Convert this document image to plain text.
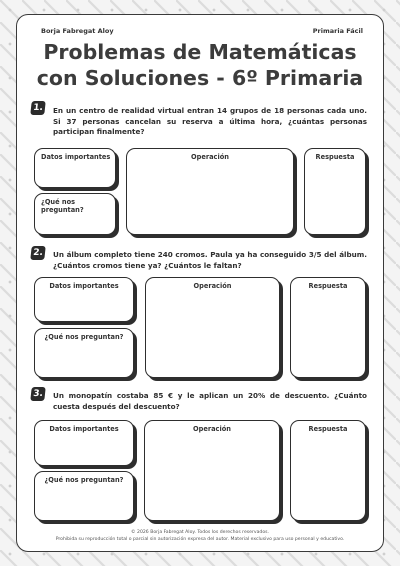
Borja Fabregat Aloy	Primaria Fácil
Problemas de Matemáticas con Soluciones - 6º Primaria
1.	En un centro de realidad virtual entran 14 grupos de 18 personas cada uno. Si 37 personas cancelan su reserva a última hora, ¿cuántas personas participan finalmente?

Datos importantes
¿Qué nos preguntan?
Operación	Respuesta
2.	Un álbum completo tiene 240 cromos. Paula ya ha conseguido 3/5 del álbum. ¿Cuántos cromos tiene ya? ¿Cuántos le faltan?

Datos importantes
¿Qué nos preguntan?
Operación	Respuesta
3.	Un monopatín costaba 85 € y le aplican un 20% de descuento. ¿Cuánto cuesta después del descuento?

Datos importantes
¿Qué nos preguntan?
Operación	Respuesta
© 2026 Borja Fabregat Aloy. Todos los derechos reservados.
Prohibida su reproducción total o parcial sin autorización expresa del autor. Material exclusivo para uso personal y educativo.
